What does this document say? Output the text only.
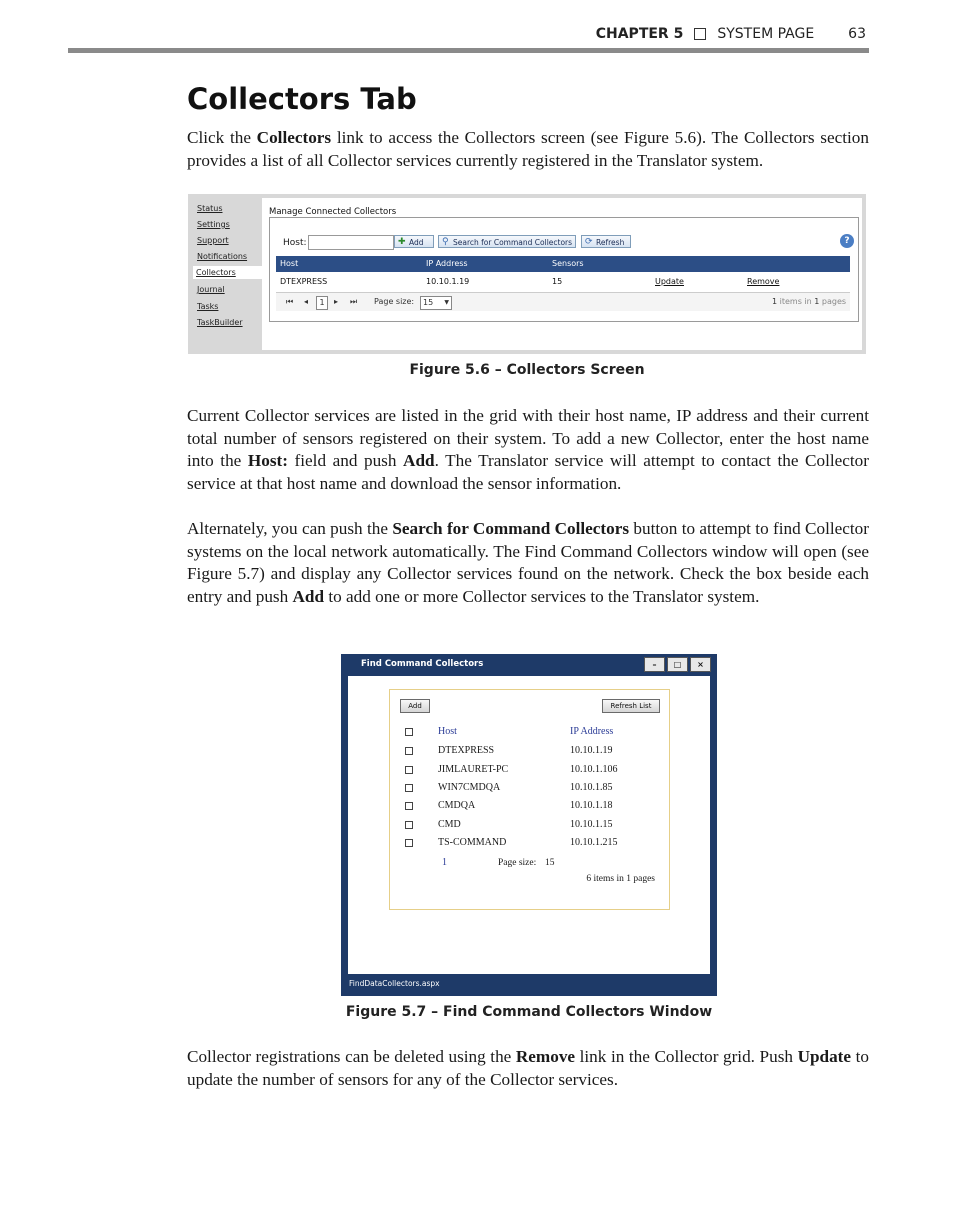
CHAPTER 5 SYSTEM PAGE 63
Collectors Tab

Click the Collectors link to access the Collectors screen (see Figure 5.6). The Collectors section provides a list of all Collector services currently registered in the Translator system.

Status
Settings
Support
Notifications
Collectors
Journal
Tasks
TaskBuilder
Manage Connected Collectors
Host:	✚ Add	⚲ Search for Command Collectors	⟳ Refresh	?
Host	IP Address	Sensors
DTEXPRESS	10.10.1.19	15	Update	Remove
⏮ ◂	1	▸ ⏭ Page size:	15 ▼	1 items in 1 pages
Figure 5.6 – Collectors Screen

Current Collector services are listed in the grid with their host name, IP address and their current total number of sensors registered on their system. To add a new Collector, enter the host name into the Host: field and push Add. The Translator service will attempt to contact the Collector service at that host name and download the sensor information.

Alternately, you can push the Search for Command Collectors button to attempt to find Collector systems on the local network automatically. The Find Command Collectors window will open (see Figure 5.7) and display any Collector services found on the network. Check the box beside each entry and push Add to add one or more Collector services to the Translator system.

Find Command Collectors	–	□	×
Add	Refresh List
Host	IP Address
DTEXPRESS	10.10.1.19
JIMLAURET-PC	10.10.1.106
WIN7CMDQA	10.10.1.85
CMDQA	10.10.1.18
CMD	10.10.1.15
TS-COMMAND	10.10.1.215
1	Page size: 15
6 items in 1 pages
FindDataCollectors.aspx
Figure 5.7 – Find Command Collectors Window

Collector registrations can be deleted using the Remove link in the Collector grid. Push Update to update the number of sensors for any of the Collector services.
